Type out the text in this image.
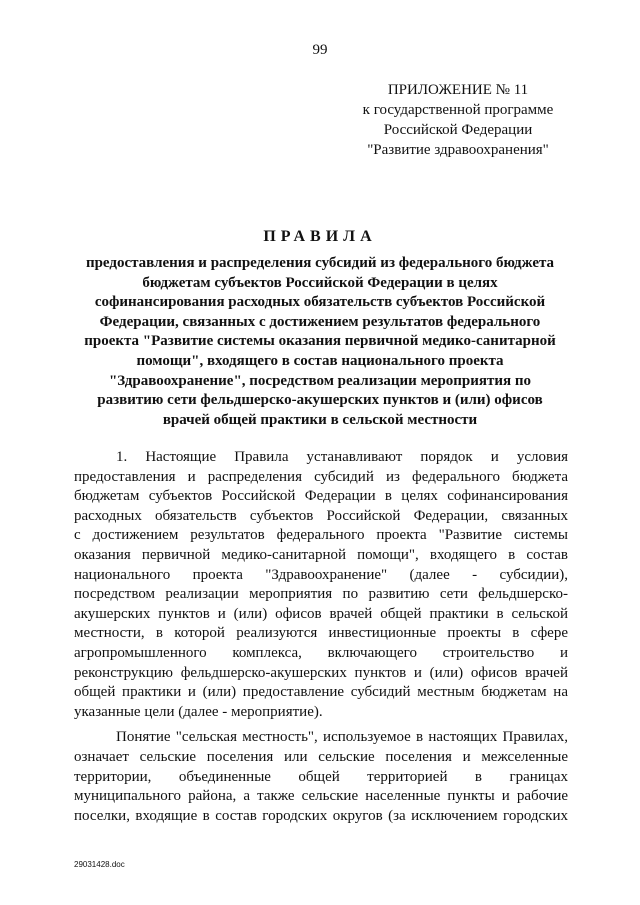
99
ПРИЛОЖЕНИЕ № 11
к государственной программе
Российской Федерации
"Развитие здравоохранения"
ПРАВИЛА
предоставления и распределения субсидий из федерального бюджета
бюджетам субъектов Российской Федерации в целях
софинансирования расходных обязательств субъектов Российской
Федерации, связанных с достижением результатов федерального
проекта "Развитие системы оказания первичной медико-санитарной
помощи", входящего в состав национального проекта
"Здравоохранение", посредством реализации мероприятия по
развитию сети фельдшерско-акушерских пунктов и (или) офисов
врачей общей практики в сельской местности
1. Настоящие Правила устанавливают порядок и условия
предоставления и распределения субсидий из федерального бюджета
бюджетам субъектов Российской Федерации в целях софинансирования
расходных обязательств субъектов Российской Федерации, связанных
с достижением результатов федерального проекта "Развитие системы
оказания первичной медико-санитарной помощи", входящего в состав
национального проекта "Здравоохранение" (далее - субсидии),
посредством реализации мероприятия по развитию сети фельдшерско-
акушерских пунктов и (или) офисов врачей общей практики в сельской
местности, в которой реализуются инвестиционные проекты в сфере
агропромышленного комплекса, включающего строительство и
реконструкцию фельдшерско-акушерских пунктов и (или) офисов врачей
общей практики и (или) предоставление субсидий местным бюджетам на
указанные цели (далее - мероприятие).
Понятие "сельская местность", используемое в настоящих Правилах,
означает сельские поселения или сельские поселения и межселенные
территории, объединенные общей территорией в границах
муниципального района, а также сельские населенные пункты и рабочие
поселки, входящие в состав городских округов (за исключением городских
29031428.doc
